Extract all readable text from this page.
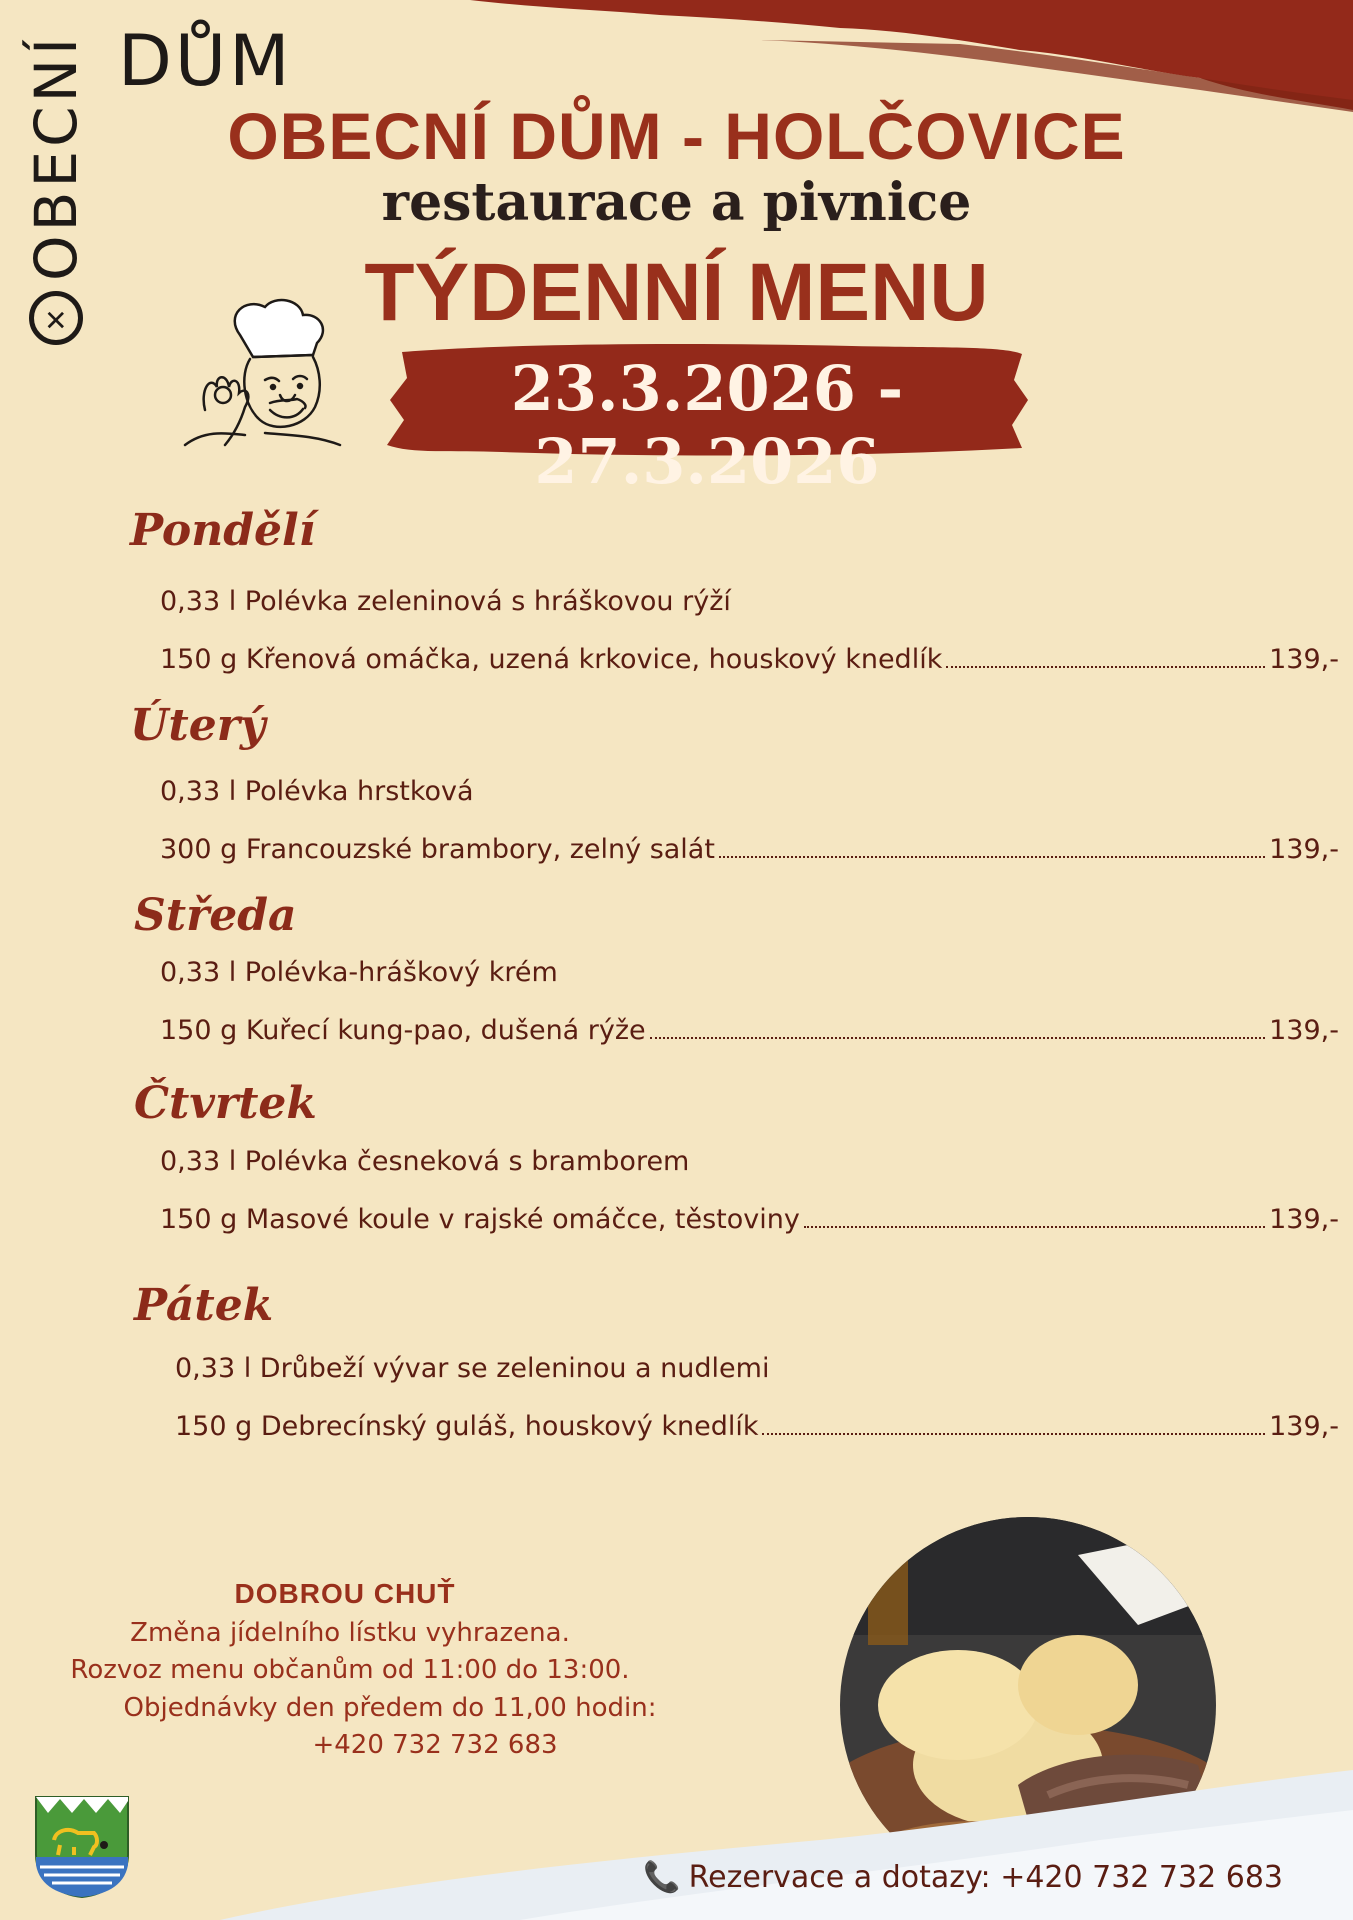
✕
OBECNÍ DŮM
OBECNÍ DŮM - HOLČOVICE
restaurace a pivnice
TÝDENNÍ MENU
23.3.2026 - 27.3.2026
Pondělí
0,33 l Polévka zeleninová s hráškovou rýží
150 g Křenová omáčka, uzená krkovice, houskový knedlík	139,-
Úterý
0,33 l Polévka hrstková
300 g Francouzské brambory, zelný salát	139,-
Středa
0,33 l Polévka-hráškový krém
150 g Kuřecí kung-pao, dušená rýže	139,-
Čtvrtek
0,33 l Polévka česneková s bramborem
150 g Masové koule v rajské omáčce, těstoviny	139,-
Pátek
0,33 l Drůbeží vývar se zeleninou a nudlemi
150 g Debrecínský guláš, houskový knedlík	139,-
DOBROU CHUŤ
Změna jídelního lístku vyhrazena.
Rozvoz menu občanům od 11:00 do 13:00.
Objednávky den předem do 11,00 hodin:
+420 732 732 683
📞 Rezervace a dotazy: +420 732 732 683
